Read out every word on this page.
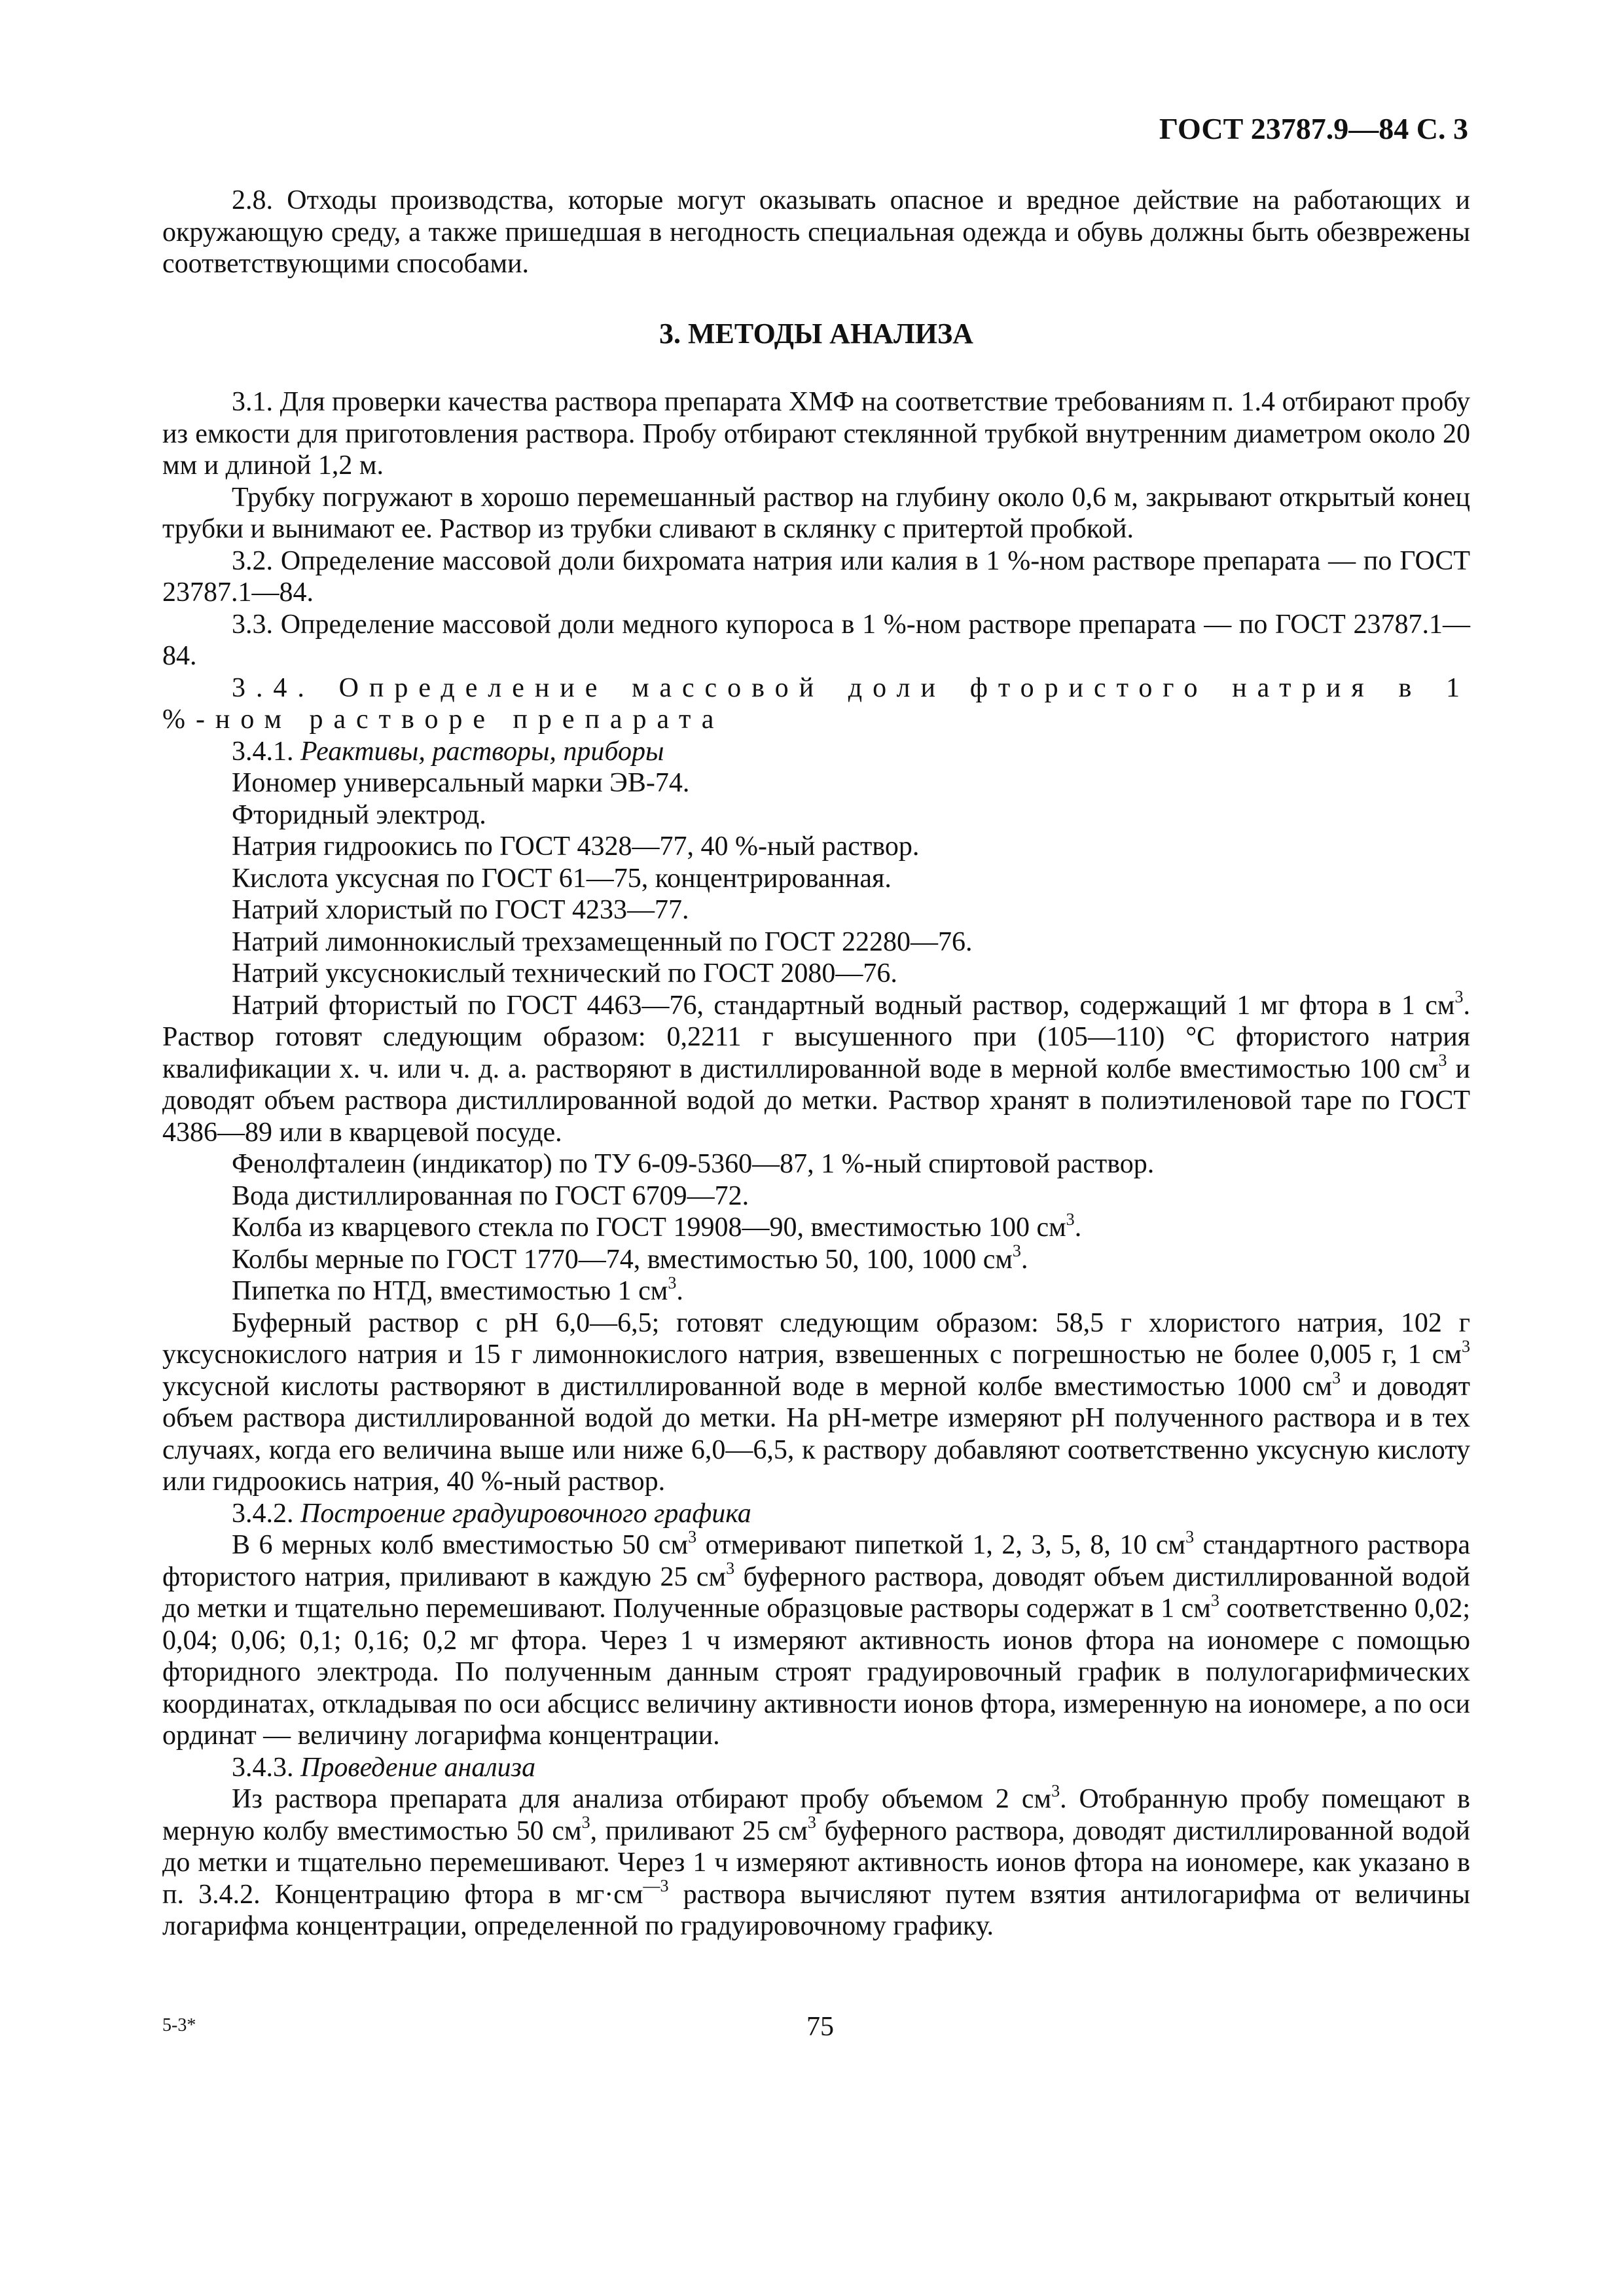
ГОСТ 23787.9—84 С. 3

2.8. Отходы производства, которые могут оказывать опасное и вредное действие на работающих и окружающую среду, а также пришедшая в негодность специальная одежда и обувь должны быть обезврежены соответствующими способами.

3. МЕТОДЫ АНАЛИЗА

3.1. Для проверки качества раствора препарата ХМФ на соответствие требованиям п. 1.4 отбирают пробу из емкости для приготовления раствора. Пробу отбирают стеклянной трубкой внутренним диаметром около 20 мм и длиной 1,2 м.

Трубку погружают в хорошо перемешанный раствор на глубину около 0,6 м, закрывают открытый конец трубки и вынимают ее. Раствор из трубки сливают в склянку с притертой пробкой.

3.2. Определение массовой доли бихромата натрия или калия в 1 %-ном растворе препарата — по ГОСТ 23787.1—84.

3.3. Определение массовой доли медного купороса в 1 %-ном растворе препарата — по ГОСТ 23787.1—84.

3.4. Определение массовой доли фтористого натрия в 1 %-ном растворе препарата

3.4.1. Реактивы, растворы, приборы

Иономер универсальный марки ЭВ-74.

Фторидный электрод.

Натрия гидроокись по ГОСТ 4328—77, 40 %-ный раствор.

Кислота уксусная по ГОСТ 61—75, концентрированная.

Натрий хлористый по ГОСТ 4233—77.

Натрий лимоннокислый трехзамещенный по ГОСТ 22280—76.

Натрий уксуснокислый технический по ГОСТ 2080—76.

Натрий фтористый по ГОСТ 4463—76, стандартный водный раствор, содержащий 1 мг фтора в 1 $см^3$. Раствор готовят следующим образом: 0,2211 г высушенного при (105—110) °С фтористого натрия квалификации х. ч. или ч. д. а. растворяют в дистиллированной воде в мерной колбе вместимостью 100 $см^3$ и доводят объем раствора дистиллированной водой до метки. Раствор хранят в полиэтиленовой таре по ГОСТ 4386—89 или в кварцевой посуде.

Фенолфталеин (индикатор) по ТУ 6-09-5360—87, 1 %-ный спиртовой раствор.

Вода дистиллированная по ГОСТ 6709—72.

Колба из кварцевого стекла по ГОСТ 19908—90, вместимостью 100 $см^3$.

Колбы мерные по ГОСТ 1770—74, вместимостью 50, 100, 1000 $см^3$.

Пипетка по НТД, вместимостью 1 $см^3$.

Буферный раствор с рН 6,0—6,5; готовят следующим образом: 58,5 г хлористого натрия, 102 г уксуснокислого натрия и 15 г лимоннокислого натрия, взвешенных с погрешностью не более 0,005 г, 1 $см^3$ уксусной кислоты растворяют в дистиллированной воде в мерной колбе вместимостью 1000 $см^3$ и доводят объем раствора дистиллированной водой до метки. На рН-метре измеряют рН полученного раствора и в тех случаях, когда его величина выше или ниже 6,0—6,5, к раствору добавляют соответственно уксусную кислоту или гидроокись натрия, 40 %-ный раствор.

3.4.2. Построение градуировочного графика

В 6 мерных колб вместимостью 50 $см^3$ отмеривают пипеткой 1, 2, 3, 5, 8, 10 $см^3$ стандартного раствора фтористого натрия, приливают в каждую 25 $см^3$ буферного раствора, доводят объем дистиллированной водой до метки и тщательно перемешивают. Полученные образцовые растворы содержат в 1 $см^3$ соответственно 0,02; 0,04; 0,06; 0,1; 0,16; 0,2 мг фтора. Через 1 ч измеряют активность ионов фтора на иономере с помощью фторидного электрода. По полученным данным строят градуировочный график в полулогарифмических координатах, откладывая по оси абсцисс величину активности ионов фтора, измеренную на иономере, а по оси ординат — величину логарифма концентрации.

3.4.3. Проведение анализа

Из раствора препарата для анализа отбирают пробу объемом 2 $см^3$. Отобранную пробу помещают в мерную колбу вместимостью 50 $см^3$, приливают 25 $см^3$ буферного раствора, доводят дистиллированной водой до метки и тщательно перемешивают. Через 1 ч измеряют активность ионов фтора на иономере, как указано в п. 3.4.2. Концентрацию фтора в $мг\cdot см^{—3}$ раствора вычисляют путем взятия антилогарифма от величины логарифма концентрации, определенной по градуировочному графику.

5-3*	75
